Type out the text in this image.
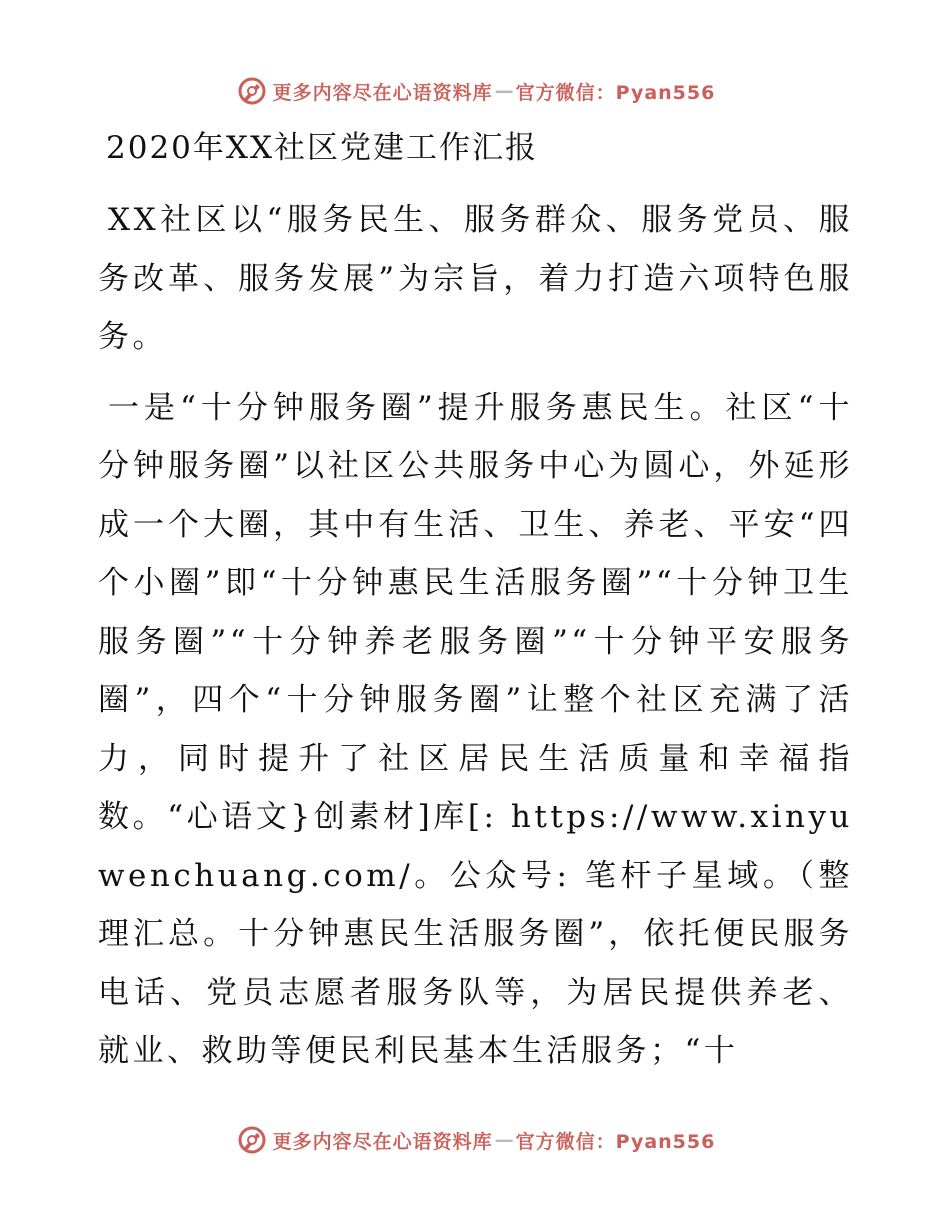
更多内容尽在心语资料库 — 官方微信：Pyan556
2020年XX社区党建工作汇报

XX社区以“服务民生、服务群众、服务党员、服务改革、服务发展”为宗旨，着力打造六项特色服务。

一是“十分钟服务圈”提升服务惠民生。社区“十分钟服务圈”以社区公共服务中心为圆心，外延形成一个大圈，其中有生活、卫生、养老、平安“四个小圈”即“十分钟惠民生活服务圈”“十分钟卫生服务圈”“十分钟养老服务圈”“十分钟平安服务圈”，四个“十分钟服务圈”让整个社区充满了活力，同时提升了社区居民生活质量和幸福指数。“心语文}创素材]库[: https://www.xinyuwenchuang.com/。公众号: 笔杆子星域。（整理汇总。十分钟惠民生活服务圈”，依托便民服务电话、党员志愿者服务队等，为居民提供养老、就业、救助等便民利民基本生活服务；“十

更多内容尽在心语资料库 — 官方微信：Pyan556
